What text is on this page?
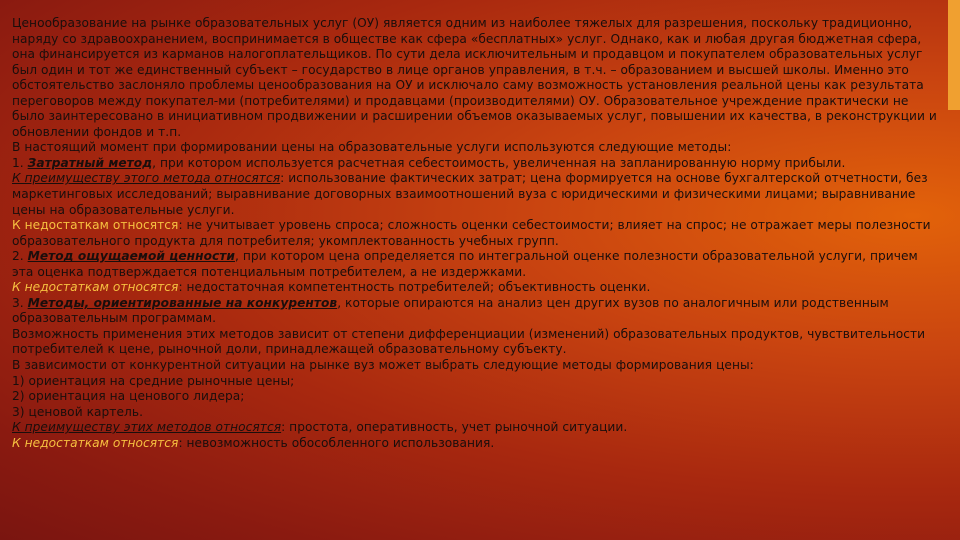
Ценообразование на рынке образовательных услуг (ОУ) является одним из наиболее тяжелых для разрешения, поскольку традиционно, наряду со здравоохранением, воспринимается в обществе как сфера «бесплатных» услуг. Однако, как и любая другая бюджетная сфера, она финансируется из карманов налогоплательщиков. По сути дела исключительным и продавцом и покупателем образовательных услуг был один и тот же единственный субъект – государство в лице органов управления, в т.ч. – образованием и высшей школы. Именно это обстоятельство заслоняло проблемы ценообразования на ОУ и исключало саму возможность установления реальной цены как результата переговоров между покупател-ми (потребителями) и продавцами (производителями) ОУ. Образовательное учреждение практически не было заинтересовано в инициативном продвижении и расширении объемов оказываемых услуг, повышении их качества, в реконструкции и обновлении фондов и т.п.

В настоящий момент при формировании цены на образовательные услуги используются следующие методы:

1. Затратный метод, при котором используется расчетная себестоимость, увеличенная на запланированную норму прибыли.

К преимуществу этого метода относятся: использование фактических затрат; цена формируется на основе бухгалтерской отчетности, без маркетинговых исследований; выравнивание договорных взаимоотношений вуза с юридическими и физическими лицами; выравнивание цены на образовательные услуги.

К недостаткам относятся: не учитывает уровень спроса; сложность оценки себестоимости; влияет на спрос; не отражает меры полезности образовательного продукта для потребителя; укомплектованность учебных групп.

2. Метод ощущаемой ценности, при котором цена определяется по интегральной оценке полезности образовательной услуги, причем эта оценка подтверждается потенциальным потребителем, а не издержками.

К недостаткам относятся: недостаточная компетентность потребителей; объективность оценки.

3. Методы, ориентированные на конкурентов, которые опираются на анализ цен других вузов по аналогичным или родственным образовательным программам.

Возможность применения этих методов зависит от степени дифференциации (изменений) образовательных продуктов, чувствительности потребителей к цене, рыночной доли, принадлежащей образовательному субъекту.

В зависимости от конкурентной ситуации на рынке вуз может выбрать следующие методы формирования цены:

1) ориентация на средние рыночные цены;

2) ориентация на ценового лидера;

3) ценовой картель.

К преимуществу этих методов относятся: простота, оперативность, учет рыночной ситуации.

К недостаткам относятся: невозможность обособленного использования.
